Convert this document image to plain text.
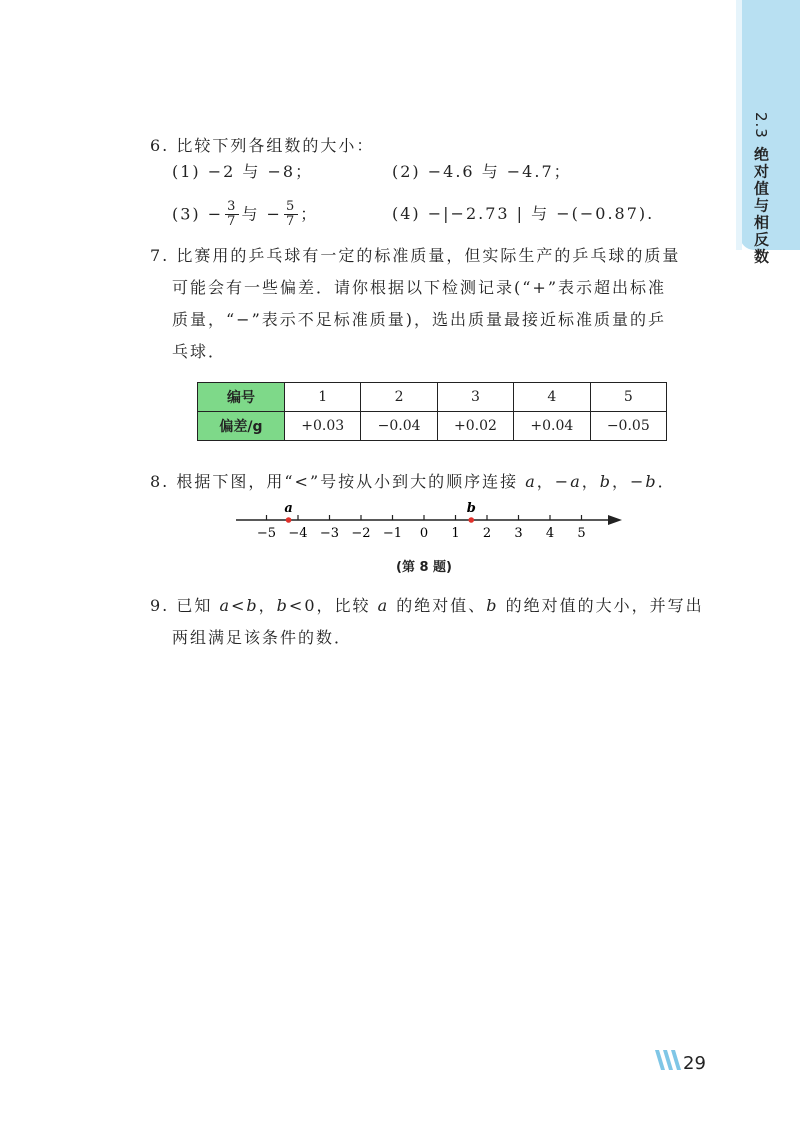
2.3 绝对值与相反数
6. 比较下列各组数的大小：
(1) −2 与 −8；	(2) −4.6 与 −4.7；
$(3) - \frac{3}{7}$ 与 − $\frac{5}{7}$ ；	(4) −|−2.73 | 与 −(−0.87).
7. 比赛用的乒乓球有一定的标准质量，但实际生产的乒乓球的质量
可能会有一些偏差．请你根据以下检测记录(“+”表示超出标准
质量，“−”表示不足标准质量)，选出质量最接近标准质量的乒
乓球．
编号	1	2	3	4	5
偏差/g	+0.03	−0.04	+0.02	+0.04	−0.05
8. 根据下图，用“<”号按从小到大的顺序连接 a，−a，b，−b．
−5 −4 −3 −2 −1 0 1 2 3 4 5
a	b
(第 8 题)
9. 已知 a<b，b<0，比较 a 的绝对值、b 的绝对值的大小，并写出
两组满足该条件的数．
29
